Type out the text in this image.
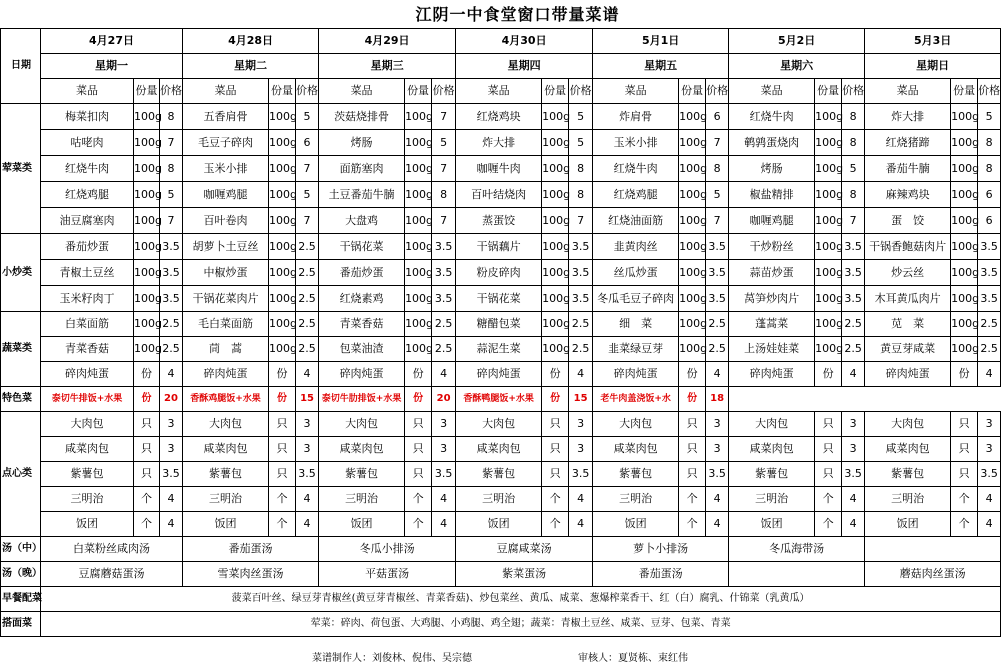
江阴一中食堂窗口带量菜谱
日期	4月27日			4月28日			4月29日			4月30日			5月1日			5月2日			5月3日		
	星期一			星期二			星期三			星期四			星期五			星期六			星期日		
	菜品	份量	价格	菜品	份量	价格	菜品	份量	价格	菜品	份量	价格	菜品	份量	价格	菜品	份量	价格	菜品	份量	价格
荤菜类	梅菜扣肉	100g	8	五香肩骨	100g	5	茨菇烧排骨	100g	7	红烧鸡块	100g	5	炸肩骨	100g	6	红烧牛肉	100g	8	炸大排	100g	5
	咕咾肉	100g	7	毛豆子碎肉	100g	6	烤肠	100g	5	炸大排	100g	5	玉米小排	100g	7	鹌鹑蛋烧肉	100g	8	红烧猪蹄	100g	8
	红烧牛肉	100g	8	玉米小排	100g	7	面筋塞肉	100g	7	咖喱牛肉	100g	8	红烧牛肉	100g	8	烤肠	100g	5	番茄牛腩	100g	8
	红烧鸡腿	100g	5	咖喱鸡腿	100g	5	土豆番茄牛腩	100g	8	百叶结烧肉	100g	8	红烧鸡腿	100g	5	椒盐精排	100g	8	麻辣鸡块	100g	6
	油豆腐塞肉	100g	7	百叶卷肉	100g	7	大盘鸡	100g	7	蒸蛋饺	100g	7	红烧油面筋	100g	7	咖喱鸡腿	100g	7	蛋　饺	100g	6
小炒类	番茄炒蛋	100g	3.5	胡萝卜土豆丝	100g	2.5	干锅花菜	100g	3.5	干锅藕片	100g	3.5	韭黄肉丝	100g	3.5	干炒粉丝	100g	3.5	干锅香鲍菇肉片	100g	3.5
	青椒土豆丝	100g	3.5	中椒炒蛋	100g	2.5	番茄炒蛋	100g	3.5	粉皮碎肉	100g	3.5	丝瓜炒蛋	100g	3.5	蒜苗炒蛋	100g	3.5	炒云丝	100g	3.5
	玉米籽肉丁	100g	3.5	干锅花菜肉片	100g	2.5	红烧素鸡	100g	3.5	干锅花菜	100g	3.5	冬瓜毛豆子碎肉	100g	3.5	莴笋炒肉片	100g	3.5	木耳黄瓜肉片	100g	3.5
蔬菜类	白菜面筋	100g	2.5	毛白菜面筋	100g	2.5	青菜香菇	100g	2.5	糖醋包菜	100g	2.5	细　菜	100g	2.5	蓬蒿菜	100g	2.5	苋　菜	100g	2.5
	青菜香菇	100g	2.5	茼　蒿	100g	2.5	包菜油渣	100g	2.5	蒜泥生菜	100g	2.5	韭菜绿豆芽	100g	2.5	上汤娃娃菜	100g	2.5	黄豆芽咸菜	100g	2.5
	碎肉炖蛋	份	4	碎肉炖蛋	份	4	碎肉炖蛋	份	4	碎肉炖蛋	份	4	碎肉炖蛋	份	4	碎肉炖蛋	份	4	碎肉炖蛋	份	4
特色菜	泰切牛排饭+水果	份	20	香酥鸡腿饭+水果	份	15	泰切牛肋排饭+水果	份	20	香酥鸭腿饭+水果	份	15	老牛肉盖浇饭+水	份	18						
点心类	大肉包	只	3	大肉包	只	3	大肉包	只	3	大肉包	只	3	大肉包	只	3	大肉包	只	3	大肉包	只	3
	咸菜肉包	只	3	咸菜肉包	只	3	咸菜肉包	只	3	咸菜肉包	只	3	咸菜肉包	只	3	咸菜肉包	只	3	咸菜肉包	只	3
	紫薯包	只	3.5	紫薯包	只	3.5	紫薯包	只	3.5	紫薯包	只	3.5	紫薯包	只	3.5	紫薯包	只	3.5	紫薯包	只	3.5
	三明治	个	4	三明治	个	4	三明治	个	4	三明治	个	4	三明治	个	4	三明治	个	4	三明治	个	4
	饭团	个	4	饭团	个	4	饭团	个	4	饭团	个	4	饭团	个	4	饭团	个	4	饭团	个	4
汤（中）	白菜粉丝咸肉汤			番茄蛋汤			冬瓜小排汤			豆腐咸菜汤			萝卜小排汤			冬瓜海带汤					
汤（晚）	豆腐蘑菇蛋汤			雪菜肉丝蛋汤			平菇蛋汤			紫菜蛋汤			番茄蛋汤						蘑菇肉丝蛋汤		
早餐配菜	菠菜百叶丝、绿豆芽青椒丝(黄豆芽青椒丝、青菜香菇)、炒包菜丝、黄瓜、咸菜、葱爆榨菜香干、红（白）腐乳、什锦菜（乳黄瓜）																				
搭面菜	荤菜：碎肉、荷包蛋、大鸡腿、小鸡腿、鸡全翅；蔬菜：青椒土豆丝、咸菜、豆芽、包菜、青菜																				
菜谱制作人：刘俊林、倪伟、吴宗德	审核人：夏贤栋、束红伟
